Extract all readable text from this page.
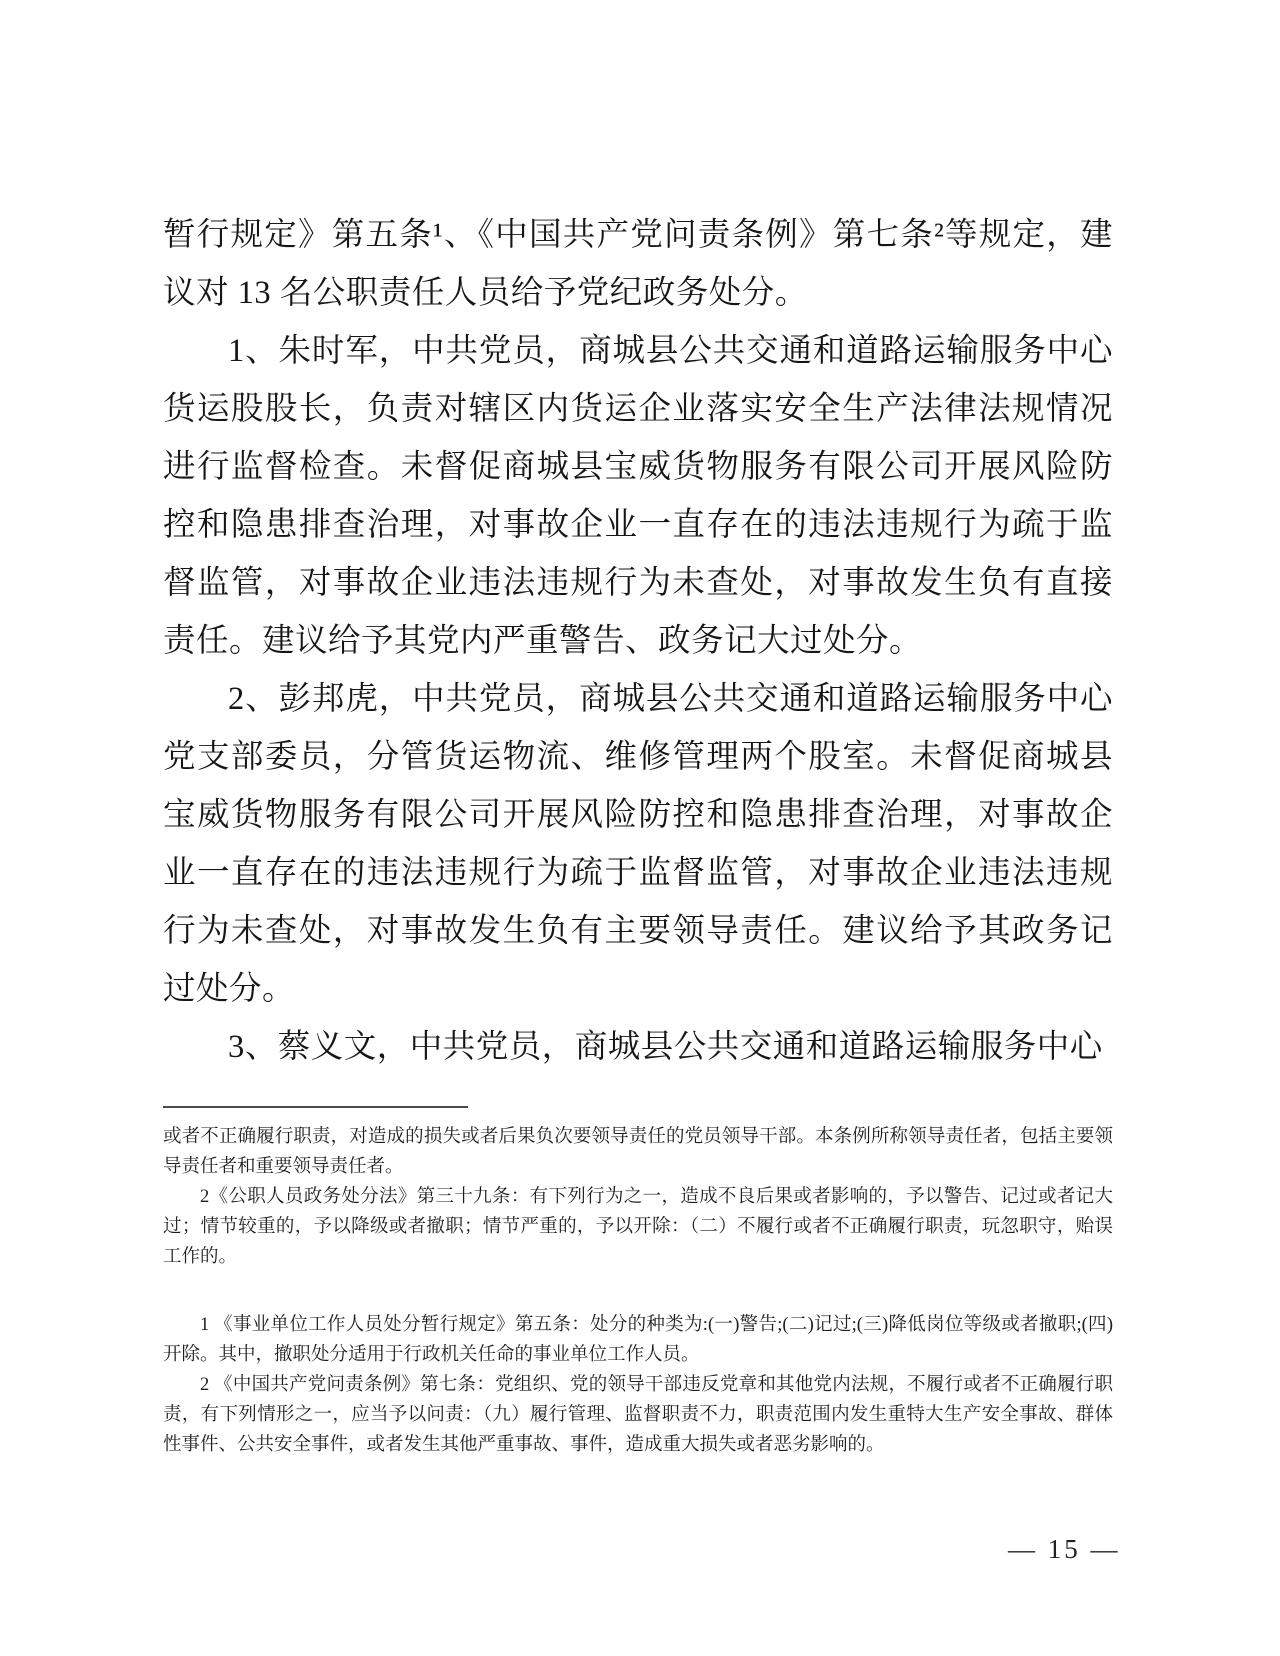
暂行规定》第五条¹、《中国共产党问责条例》第七条²等规定，建议对 13 名公职责任人员给予党纪政务处分。

1、朱时军，中共党员，商城县公共交通和道路运输服务中心货运股股长，负责对辖区内货运企业落实安全生产法律法规情况进行监督检查。未督促商城县宝威货物服务有限公司开展风险防控和隐患排查治理，对事故企业一直存在的违法违规行为疏于监督监管，对事故企业违法违规行为未查处，对事故发生负有直接责任。建议给予其党内严重警告、政务记大过处分。

2、彭邦虎，中共党员，商城县公共交通和道路运输服务中心党支部委员，分管货运物流、维修管理两个股室。未督促商城县宝威货物服务有限公司开展风险防控和隐患排查治理，对事故企业一直存在的违法违规行为疏于监督监管，对事故企业违法违规行为未查处，对事故发生负有主要领导责任。建议给予其政务记过处分。

3、蔡义文，中共党员，商城县公共交通和道路运输服务中心

或者不正确履行职责，对造成的损失或者后果负次要领导责任的党员领导干部。本条例所称领导责任者，包括主要领导责任者和重要领导责任者。

2《公职人员政务处分法》第三十九条：有下列行为之一，造成不良后果或者影响的，予以警告、记过或者记大过；情节较重的，予以降级或者撤职；情节严重的，予以开除：（二）不履行或者不正确履行职责，玩忽职守，贻误工作的。

1 《事业单位工作人员处分暂行规定》第五条：处分的种类为:(一)警告;(二)记过;(三)降低岗位等级或者撤职;(四)开除。其中，撤职处分适用于行政机关任命的事业单位工作人员。

2 《中国共产党问责条例》第七条：党组织、党的领导干部违反党章和其他党内法规，不履行或者不正确履行职责，有下列情形之一，应当予以问责：（九）履行管理、监督职责不力，职责范围内发生重特大生产安全事故、群体性事件、公共安全事件，或者发生其他严重事故、事件，造成重大损失或者恶劣影响的。

— 15 —
